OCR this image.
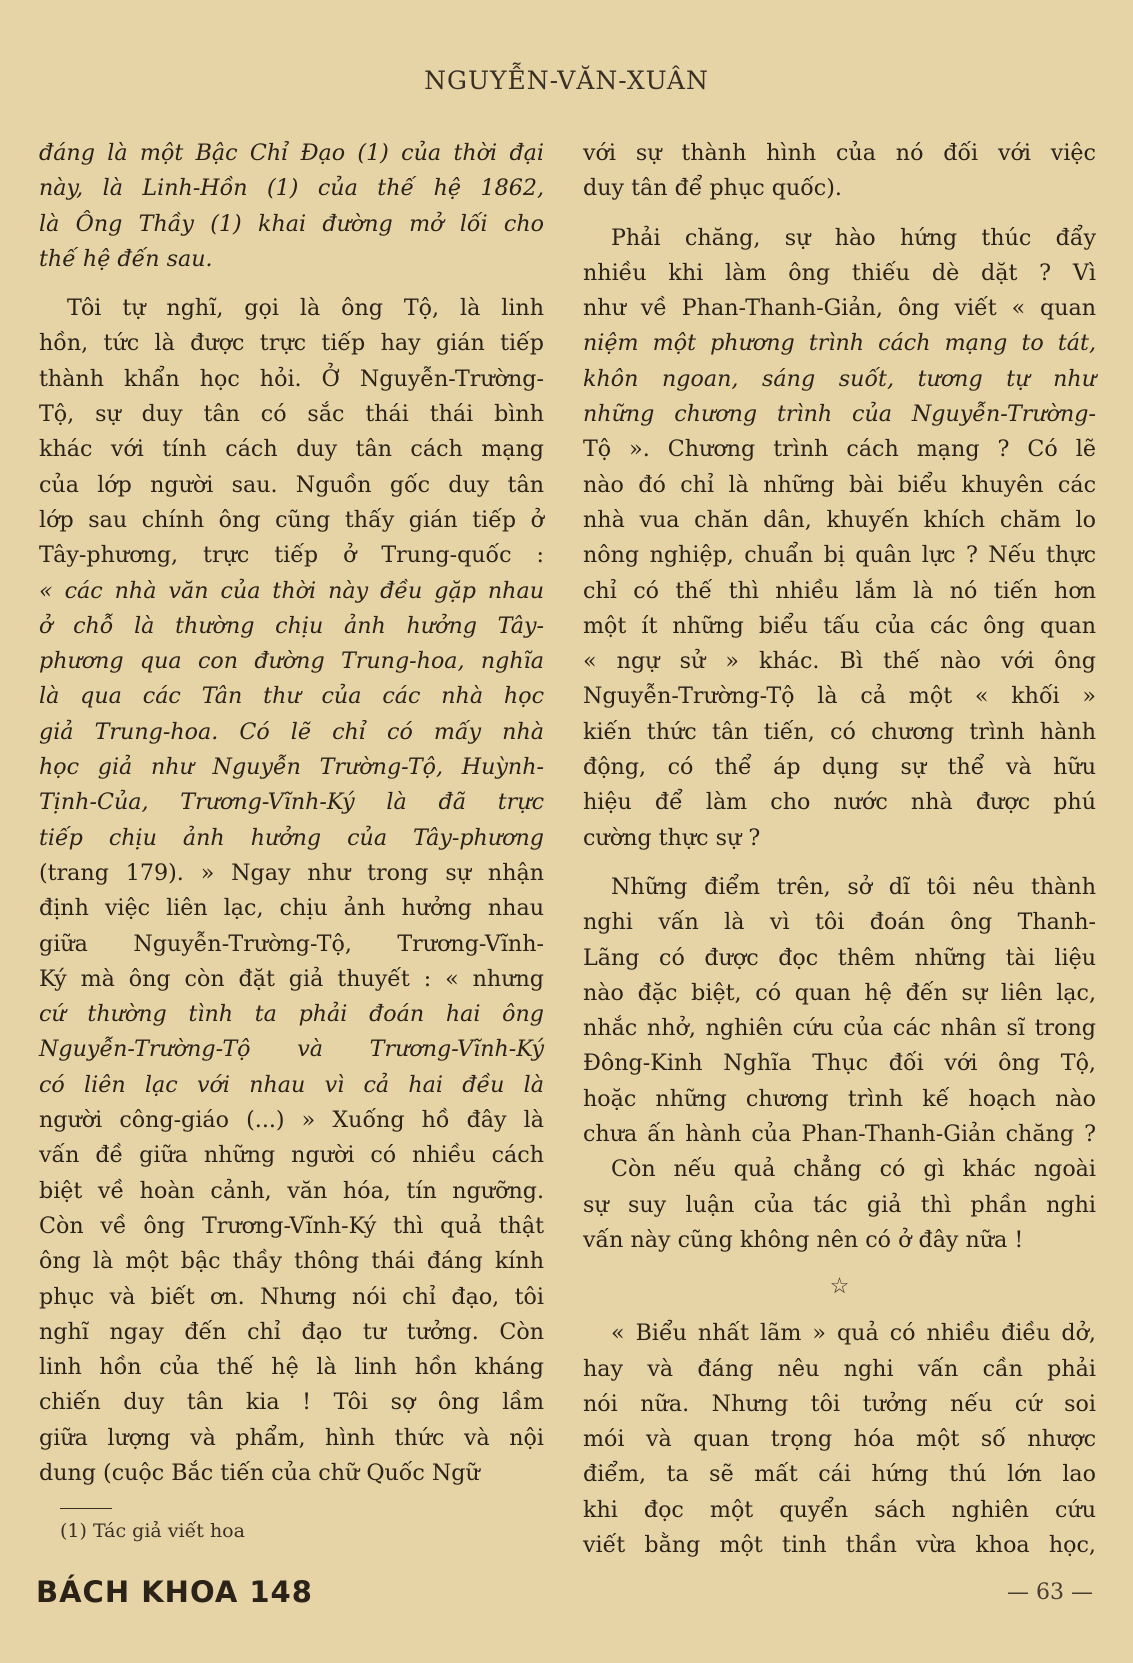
NGUYỄN-VĂN-XUÂN
đáng là một Bậc Chỉ Đạo (1) của thời đại
này, là Linh-Hồn (1) của thế hệ 1862,
là Ông Thầy (1) khai đường mở lối cho
thế hệ đến sau.
Tôi tự nghĩ, gọi là ông Tộ, là linh
hồn, tức là được trực tiếp hay gián tiếp
thành khẩn học hỏi. Ở Nguyễn-Trường-
Tộ, sự duy tân có sắc thái thái bình
khác với tính cách duy tân cách mạng
của lớp người sau. Nguồn gốc duy tân
lớp sau chính ông cũng thấy gián tiếp ở
Tây-phương, trực tiếp ở Trung-quốc :
« các nhà văn của thời này đều gặp nhau
ở chỗ là thường chịu ảnh hưởng Tây-
phương qua con đường Trung-hoa, nghĩa
là qua các Tân thư của các nhà học
giả Trung-hoa. Có lẽ chỉ có mấy nhà
học giả như Nguyễn Trường-Tộ, Huỳnh-
Tịnh-Của, Trương-Vĩnh-Ký là đã trực
tiếp chịu ảnh hưởng của Tây-phương
(trang 179). » Ngay như trong sự nhận
định việc liên lạc, chịu ảnh hưởng nhau
giữa Nguyễn-Trường-Tộ, Trương-Vĩnh-
Ký mà ông còn đặt giả thuyết : « nhưng
cứ thường tình ta phải đoán hai ông
Nguyễn-Trường-Tộ và Trương-Vĩnh-Ký
có liên lạc với nhau vì cả hai đều là
người công-giáo (...) » Xuống hồ đây là
vấn đề giữa những người có nhiều cách
biệt về hoàn cảnh, văn hóa, tín ngưỡng.
Còn về ông Trương-Vĩnh-Ký thì quả thật
ông là một bậc thầy thông thái đáng kính
phục và biết ơn. Nhưng nói chỉ đạo, tôi
nghĩ ngay đến chỉ đạo tư tưởng. Còn
linh hồn của thế hệ là linh hồn kháng
chiến duy tân kia ! Tôi sợ ông lầm
giữa lượng và phẩm, hình thức và nội
dung (cuộc Bắc tiến của chữ Quốc Ngữ
với sự thành hình của nó đối với việc
duy tân để phục quốc).
Phải chăng, sự hào hứng thúc đẩy
nhiều khi làm ông thiếu dè dặt ? Vì
như về Phan-Thanh-Giản, ông viết « quan
niệm một phương trình cách mạng to tát,
khôn ngoan, sáng suốt, tương tự như
những chương trình của Nguyễn-Trường-
Tộ ». Chương trình cách mạng ? Có lẽ
nào đó chỉ là những bài biểu khuyên các
nhà vua chăn dân, khuyến khích chăm lo
nông nghiệp, chuẩn bị quân lực ? Nếu thực
chỉ có thế thì nhiều lắm là nó tiến hơn
một ít những biểu tấu của các ông quan
« ngự sử » khác. Bì thế nào với ông
Nguyễn-Trường-Tộ là cả một « khối »
kiến thức tân tiến, có chương trình hành
động, có thể áp dụng sự thể và hữu
hiệu để làm cho nước nhà được phú
cường thực sự ?
Những điểm trên, sở dĩ tôi nêu thành
nghi vấn là vì tôi đoán ông Thanh-
Lãng có được đọc thêm những tài liệu
nào đặc biệt, có quan hệ đến sự liên lạc,
nhắc nhở, nghiên cứu của các nhân sĩ trong
Đông-Kinh Nghĩa Thục đối với ông Tộ,
hoặc những chương trình kế hoạch nào
chưa ấn hành của Phan-Thanh-Giản chăng ?
Còn nếu quả chẳng có gì khác ngoài
sự suy luận của tác giả thì phần nghi
vấn này cũng không nên có ở đây nữa !
☆
« Biểu nhất lãm » quả có nhiều điều dở,
hay và đáng nêu nghi vấn cần phải
nói nữa. Nhưng tôi tưởng nếu cứ soi
mói và quan trọng hóa một số nhược
điểm, ta sẽ mất cái hứng thú lớn lao
khi đọc một quyển sách nghiên cứu
viết bằng một tinh thần vừa khoa học,
(1) Tác giả viết hoa
BÁCH KHOA 148	— 63 —
